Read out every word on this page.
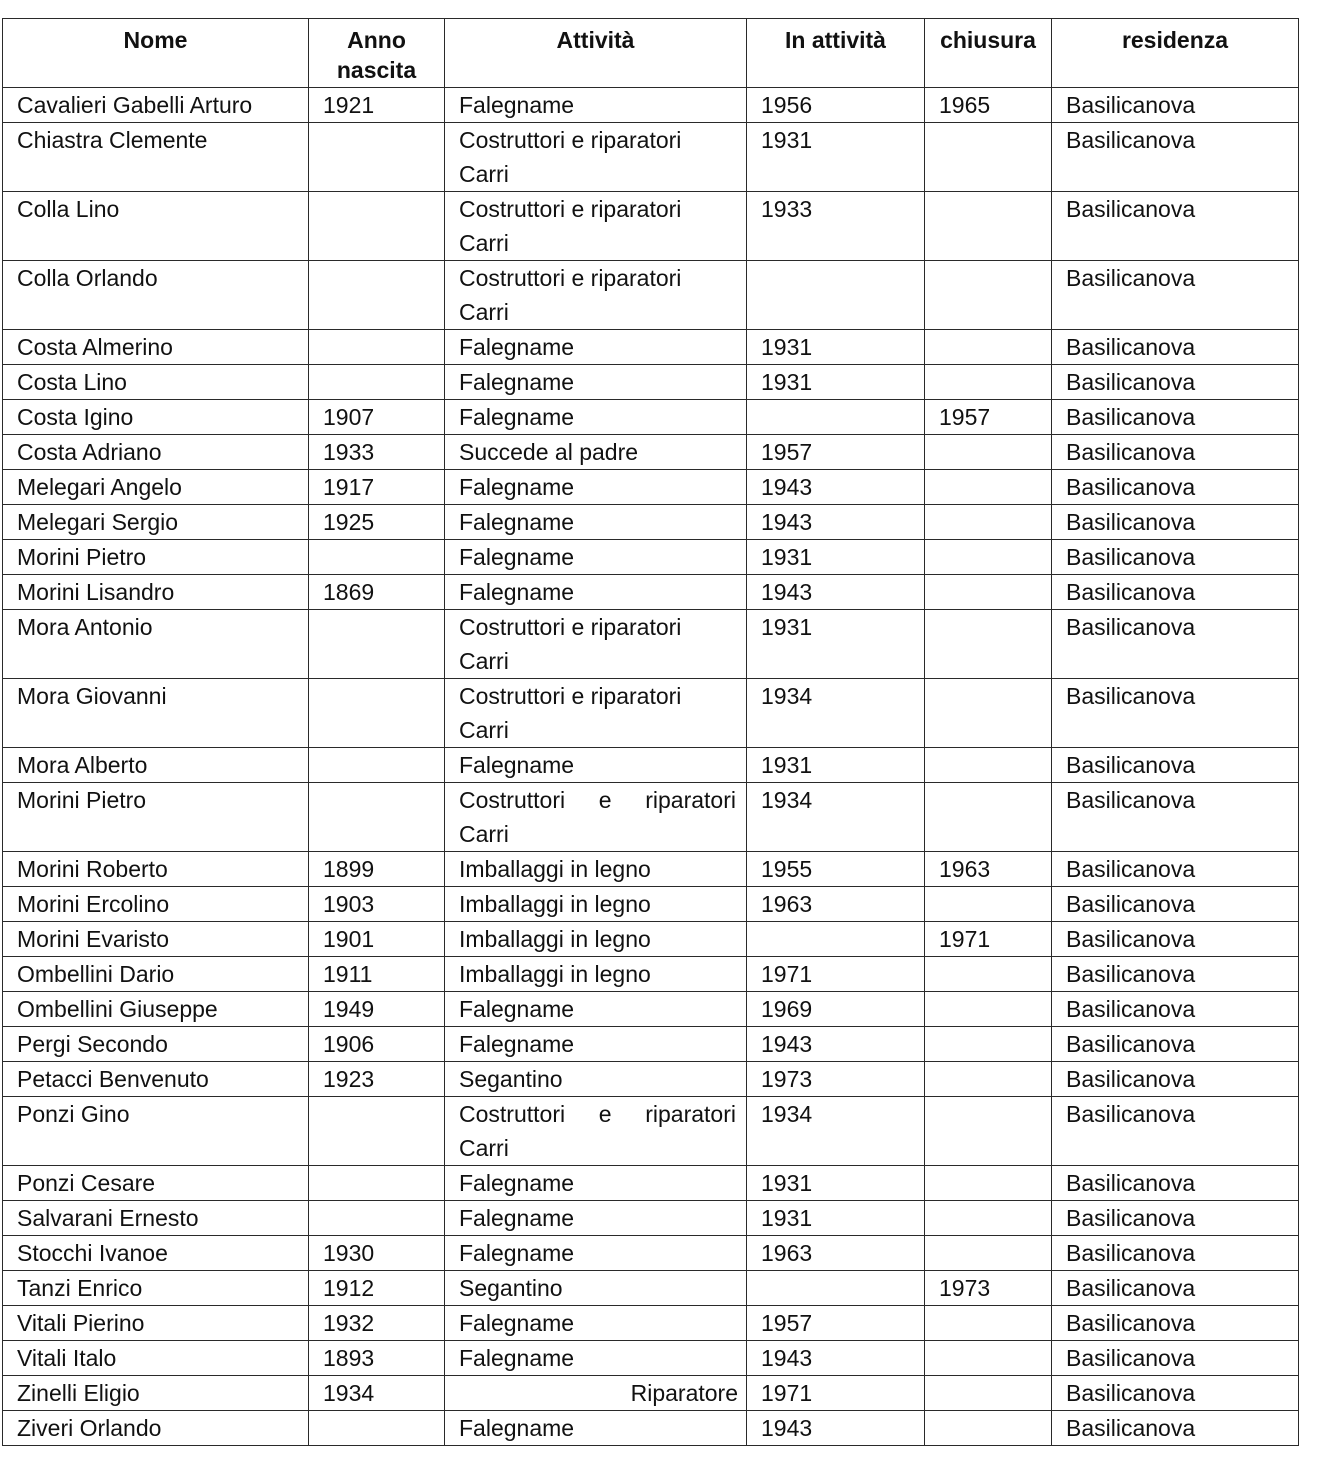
Nome	Anno nascita	Attività	In attività	chiusura	residenza
Cavalieri Gabelli Arturo	1921	Falegname	1956	1965	Basilicanova
Chiastra Clemente		Costruttori e riparatori Carri	1931		Basilicanova
Colla Lino		Costruttori e riparatori Carri	1933		Basilicanova
Colla Orlando		Costruttori e riparatori Carri			Basilicanova
Costa Almerino		Falegname	1931		Basilicanova
Costa Lino		Falegname	1931		Basilicanova
Costa Igino	1907	Falegname		1957	Basilicanova
Costa Adriano	1933	Succede al padre	1957		Basilicanova
Melegari Angelo	1917	Falegname	1943		Basilicanova
Melegari Sergio	1925	Falegname	1943		Basilicanova
Morini Pietro		Falegname	1931		Basilicanova
Morini Lisandro	1869	Falegname	1943		Basilicanova
Mora Antonio		Costruttori e riparatori Carri	1931		Basilicanova
Mora Giovanni		Costruttori e riparatori Carri	1934		Basilicanova
Mora Alberto		Falegname	1931		Basilicanova
Morini Pietro		Costruttori e riparatori Carri	1934		Basilicanova
Morini Roberto	1899	Imballaggi in legno	1955	1963	Basilicanova
Morini Ercolino	1903	Imballaggi in legno	1963		Basilicanova
Morini Evaristo	1901	Imballaggi in legno		1971	Basilicanova
Ombellini Dario	1911	Imballaggi in legno	1971		Basilicanova
Ombellini Giuseppe	1949	Falegname	1969		Basilicanova
Pergi Secondo	1906	Falegname	1943		Basilicanova
Petacci Benvenuto	1923	Segantino	1973		Basilicanova
Ponzi Gino		Costruttori e riparatori Carri	1934		Basilicanova
Ponzi Cesare		Falegname	1931		Basilicanova
Salvarani Ernesto		Falegname	1931		Basilicanova
Stocchi Ivanoe	1930	Falegname	1963		Basilicanova
Tanzi Enrico	1912	Segantino		1973	Basilicanova
Vitali Pierino	1932	Falegname	1957		Basilicanova
Vitali Italo	1893	Falegname	1943		Basilicanova
Zinelli Eligio	1934	Riparatore	1971		Basilicanova
Ziveri Orlando		Falegname	1943		Basilicanova
